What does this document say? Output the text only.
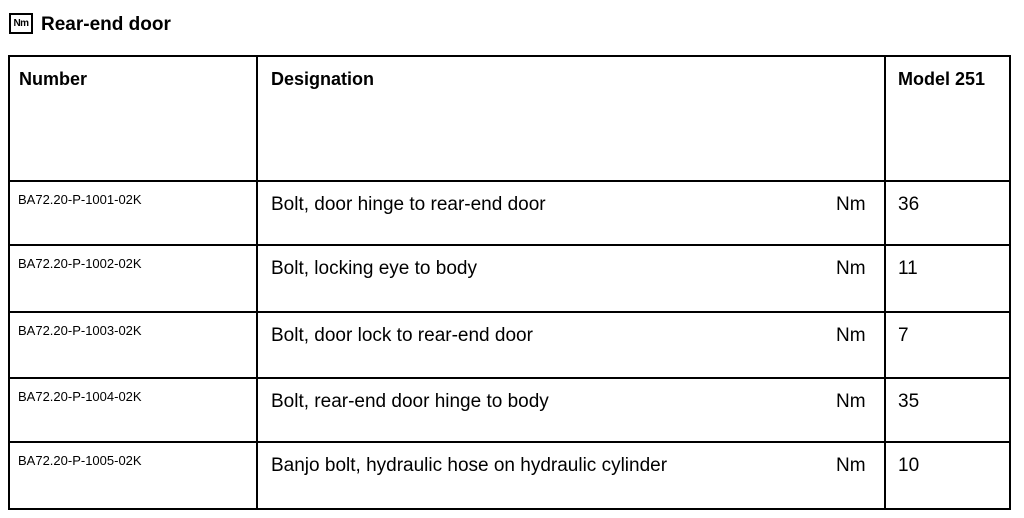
Nm Rear-end door
Number	Designation	Model 251
BA72.20-P-1001-02K	Bolt, door hinge to rear-end door	Nm 36
BA72.20-P-1002-02K	Bolt, locking eye to body	Nm 11
BA72.20-P-1003-02K	Bolt, door lock to rear-end door	Nm 7
BA72.20-P-1004-02K	Bolt, rear-end door hinge to body	Nm 35
BA72.20-P-1005-02K	Banjo bolt, hydraulic hose on hydraulic cylinder	Nm 10
